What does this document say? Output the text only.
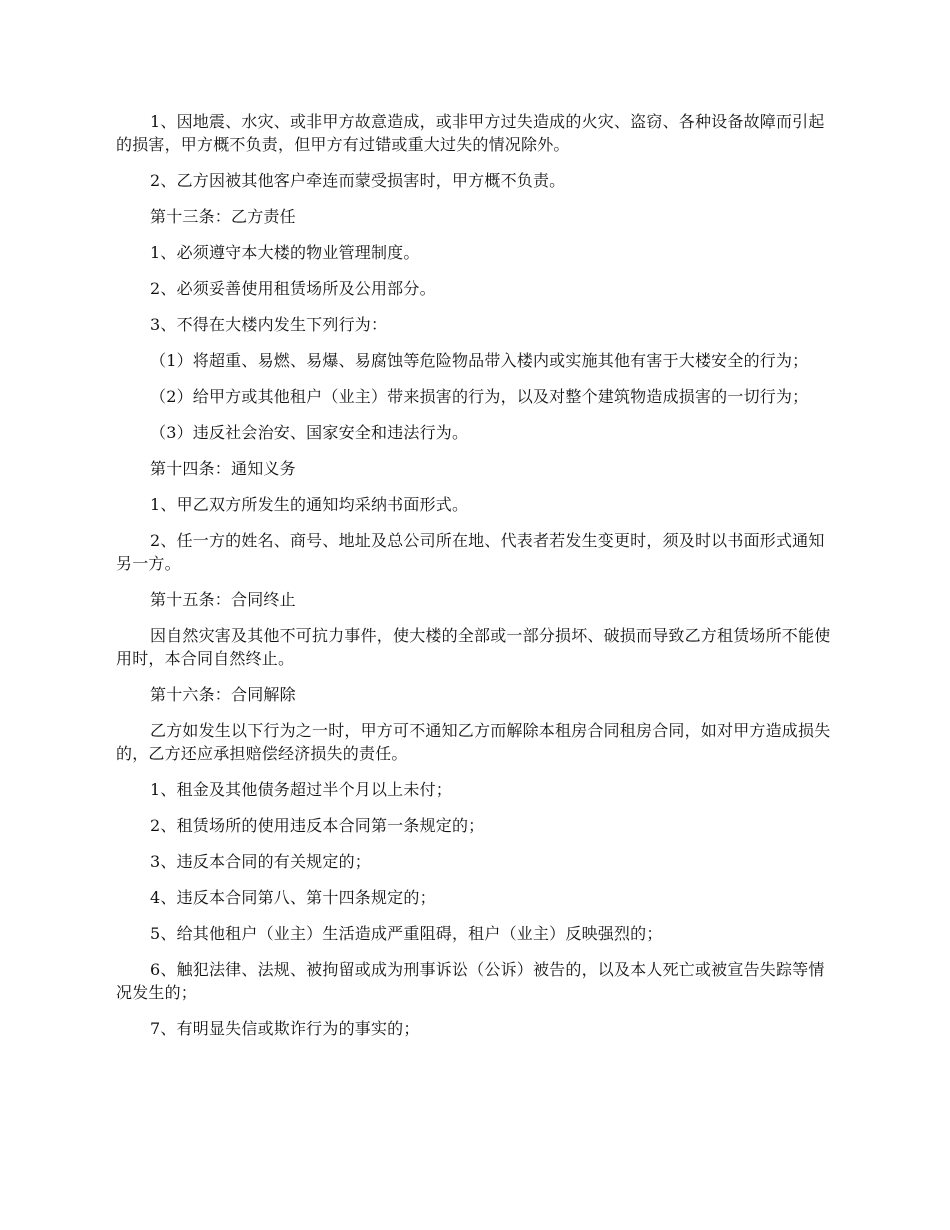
1、因地震、水灾、或非甲方故意造成，或非甲方过失造成的火灾、盗窃、各种设备故障而引起的损害，甲方概不负责，但甲方有过错或重大过失的情况除外。

2、乙方因被其他客户牵连而蒙受损害时，甲方概不负责。

第十三条：乙方责任

1、必须遵守本大楼的物业管理制度。

2、必须妥善使用租赁场所及公用部分。

3、不得在大楼内发生下列行为：

（1）将超重、易燃、易爆、易腐蚀等危险物品带入楼内或实施其他有害于大楼安全的行为；

（2）给甲方或其他租户（业主）带来损害的行为，以及对整个建筑物造成损害的一切行为；

（3）违反社会治安、国家安全和违法行为。

第十四条：通知义务

1、甲乙双方所发生的通知均采纳书面形式。

2、任一方的姓名、商号、地址及总公司所在地、代表者若发生变更时，须及时以书面形式通知另一方。

第十五条：合同终止

因自然灾害及其他不可抗力事件，使大楼的全部或一部分损坏、破损而导致乙方租赁场所不能使用时，本合同自然终止。

第十六条：合同解除

乙方如发生以下行为之一时，甲方可不通知乙方而解除本租房合同租房合同，如对甲方造成损失的，乙方还应承担赔偿经济损失的责任。

1、租金及其他债务超过半个月以上未付；

2、租赁场所的使用违反本合同第一条规定的；

3、违反本合同的有关规定的；

4、违反本合同第八、第十四条规定的；

5、给其他租户（业主）生活造成严重阻碍，租户（业主）反映强烈的；

6、触犯法律、法规、被拘留或成为刑事诉讼（公诉）被告的，以及本人死亡或被宣告失踪等情况发生的；

7、有明显失信或欺诈行为的事实的；
